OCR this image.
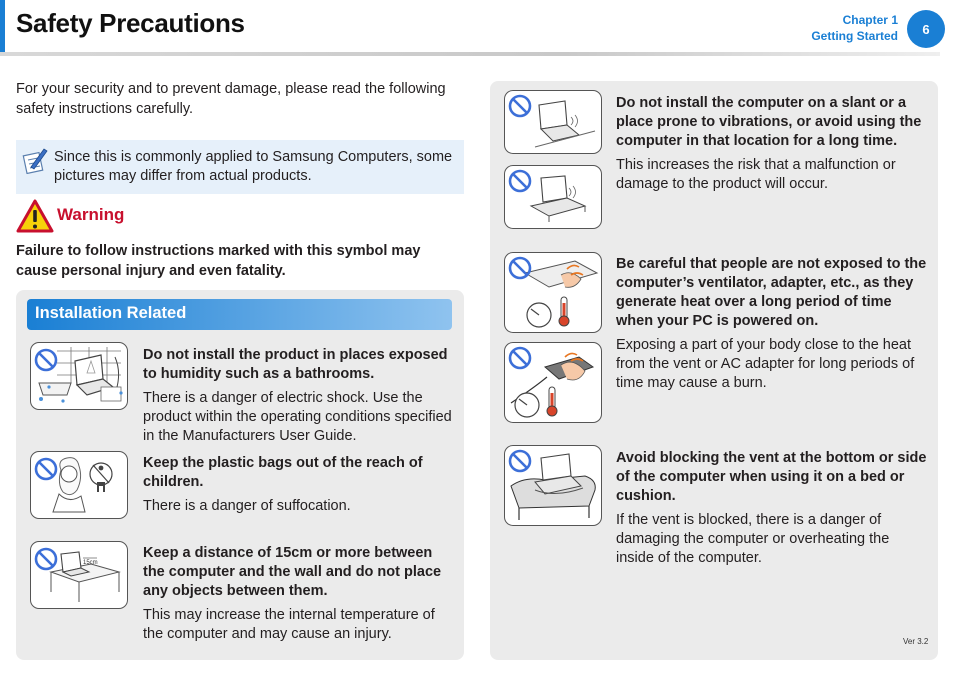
Safety Precautions	Chapter 1
Getting Started	6
For your security and to prevent damage, please read the following safety instructions carefully.
Since this is commonly applied to Samsung Computers, some pictures may differ from actual products.
Warning
Failure to follow instructions marked with this symbol may cause personal injury and even fatality.
Installation Related
Do not install the product in places exposed to humidity such as a bathrooms.
There is a danger of electric shock. Use the product within the operating conditions specified in the Manufacturers User Guide.
Keep the plastic bags out of the reach of children.
There is a danger of suffocation.
15cm
Keep a distance of 15cm or more between the computer and the wall and do not place any objects between them.
This may increase the internal temperature of the computer and may cause an injury.
Do not install the computer on a slant or a place prone to vibrations, or avoid using the computer in that location for a long time.
This increases the risk that a malfunction or damage to the product will occur.
Be careful that people are not exposed to the computer’s ventilator, adapter, etc., as they generate heat over a long period of time when your PC is powered on.
Exposing a part of your body close to the heat from the vent or AC adapter for long periods of time may cause a burn.
Avoid blocking the vent at the bottom or side of the computer when using it on a bed or cushion.
If the vent is blocked, there is a danger of damaging the computer or overheating the inside of the computer.
Ver 3.2
